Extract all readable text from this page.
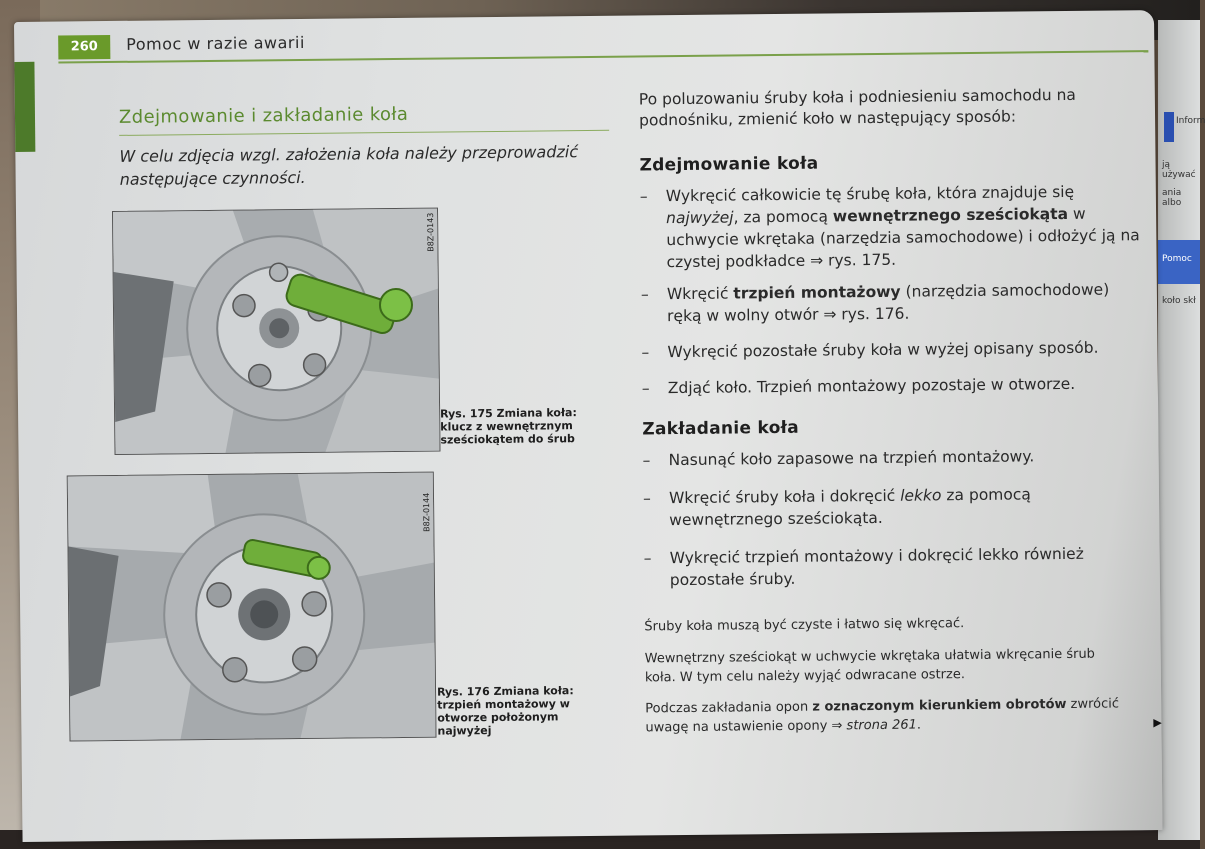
Inform
ją używać
ania albo
Pomoc
koło skł
260	Pomoc w razie awarii
Zdejmowanie i zakładanie koła
W celu zdjęcia wzgl. założenia koła należy przeprowadzić następujące czynności.
B8Z-0143
Rys. 175 Zmiana koła: klucz z wewnętrznym sześciokątem do śrub
B8Z-0144
Rys. 176 Zmiana koła: trzpień montażowy w otworze położonym najwyżej
Po poluzowaniu śruby koła i podniesieniu samochodu na podnośniku, zmienić koło w następujący sposób:
Zdejmowanie koła
– Wykręcić całkowicie tę śrubę koła, która znajduje się najwyżej, za pomocą wewnętrznego sześciokąta w uchwycie wkrętaka (narzędzia samochodowe) i odłożyć ją na czystej podkładce ⇒ rys. 175.
– Wkręcić trzpień montażowy (narzędzia samochodowe) ręką w wolny otwór ⇒ rys. 176.
– Wykręcić pozostałe śruby koła w wyżej opisany sposób.
– Zdjąć koło. Trzpień montażowy pozostaje w otworze.
Zakładanie koła
– Nasunąć koło zapasowe na trzpień montażowy.
– Wkręcić śruby koła i dokręcić lekko za pomocą wewnętrznego sześciokąta.
– Wykręcić trzpień montażowy i dokręcić lekko również pozostałe śruby.
Śruby koła muszą być czyste i łatwo się wkręcać.
Wewnętrzny sześciokąt w uchwycie wkrętaka ułatwia wkręcanie śrub koła. W tym celu należy wyjąć odwracane ostrze.
Podczas zakładania opon z oznaczonym kierunkiem obrotów zwrócić uwagę na ustawienie opony ⇒ strona 261.	▶
